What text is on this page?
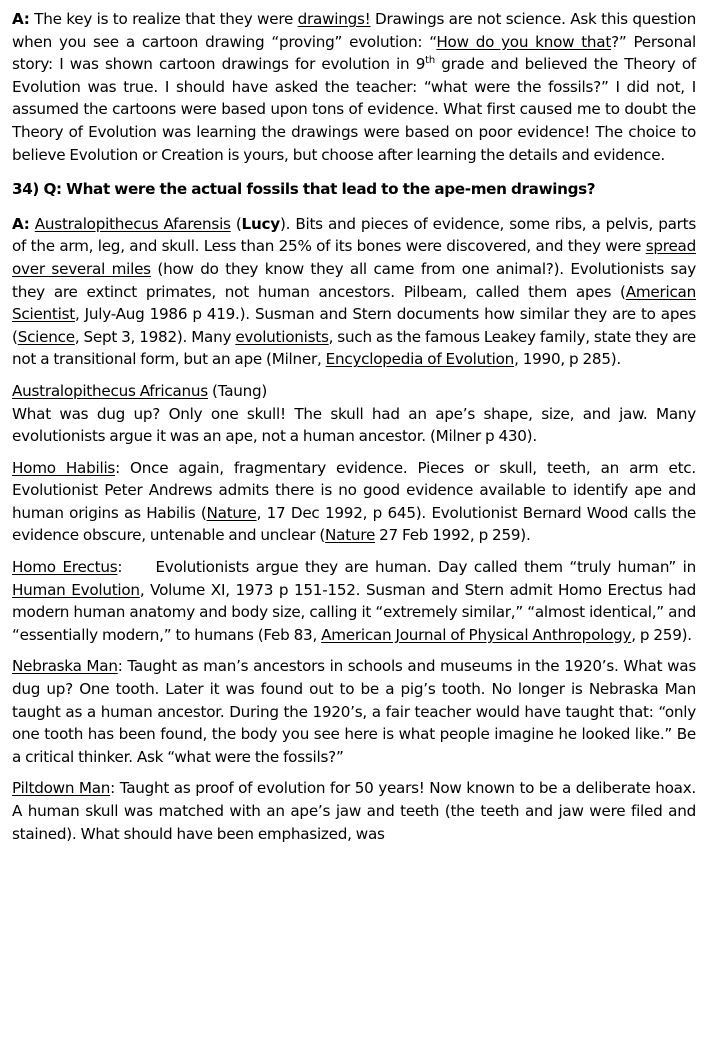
A: The key is to realize that they were drawings! Drawings are not science. Ask this question when you see a cartoon drawing “proving” evolution: “How do you know that?” Personal story: I was shown cartoon drawings for evolution in 9th grade and believed the Theory of Evolution was true. I should have asked the teacher: “what were the fossils?” I did not, I assumed the cartoons were based upon tons of evidence. What first caused me to doubt the Theory of Evolution was learning the drawings were based on poor evidence! The choice to believe Evolution or Creation is yours, but choose after learning the details and evidence.

34) Q: What were the actual fossils that lead to the ape-men drawings?

A: Australopithecus Afarensis (Lucy). Bits and pieces of evidence, some ribs, a pelvis, parts of the arm, leg, and skull. Less than 25% of its bones were discovered, and they were spread over several miles (how do they know they all came from one animal?). Evolutionists say they are extinct primates, not human ancestors. Pilbeam, called them apes (American Scientist, July-Aug 1986 p 419.). Susman and Stern documents how similar they are to apes (Science, Sept 3, 1982). Many evolutionists, such as the famous Leakey family, state they are not a transitional form, but an ape (Milner, Encyclopedia of Evolution, 1990, p 285).

Australopithecus Africanus (Taung)

What was dug up? Only one skull! The skull had an ape’s shape, size, and jaw. Many evolutionists argue it was an ape, not a human ancestor. (Milner p 430).

Homo Habilis: Once again, fragmentary evidence. Pieces or skull, teeth, an arm etc. Evolutionist Peter Andrews admits there is no good evidence available to identify ape and human origins as Habilis (Nature, 17 Dec 1992, p 645). Evolutionist Bernard Wood calls the evidence obscure, untenable and unclear (Nature 27 Feb 1992, p 259).

Homo Erectus:     Evolutionists argue they are human. Day called them “truly human” in Human Evolution, Volume XI, 1973 p 151-152. Susman and Stern admit Homo Erectus had modern human anatomy and body size, calling it “extremely similar,” “almost identical,” and “essentially modern,” to humans (Feb 83, American Journal of Physical Anthropology, p 259).

Nebraska Man: Taught as man’s ancestors in schools and museums in the 1920’s. What was dug up? One tooth. Later it was found out to be a pig’s tooth. No longer is Nebraska Man taught as a human ancestor. During the 1920’s, a fair teacher would have taught that: “only one tooth has been found, the body you see here is what people imagine he looked like.” Be a critical thinker. Ask “what were the fossils?”

Piltdown Man: Taught as proof of evolution for 50 years! Now known to be a deliberate hoax. A human skull was matched with an ape’s jaw and teeth (the teeth and jaw were filed and stained). What should have been emphasized, was
